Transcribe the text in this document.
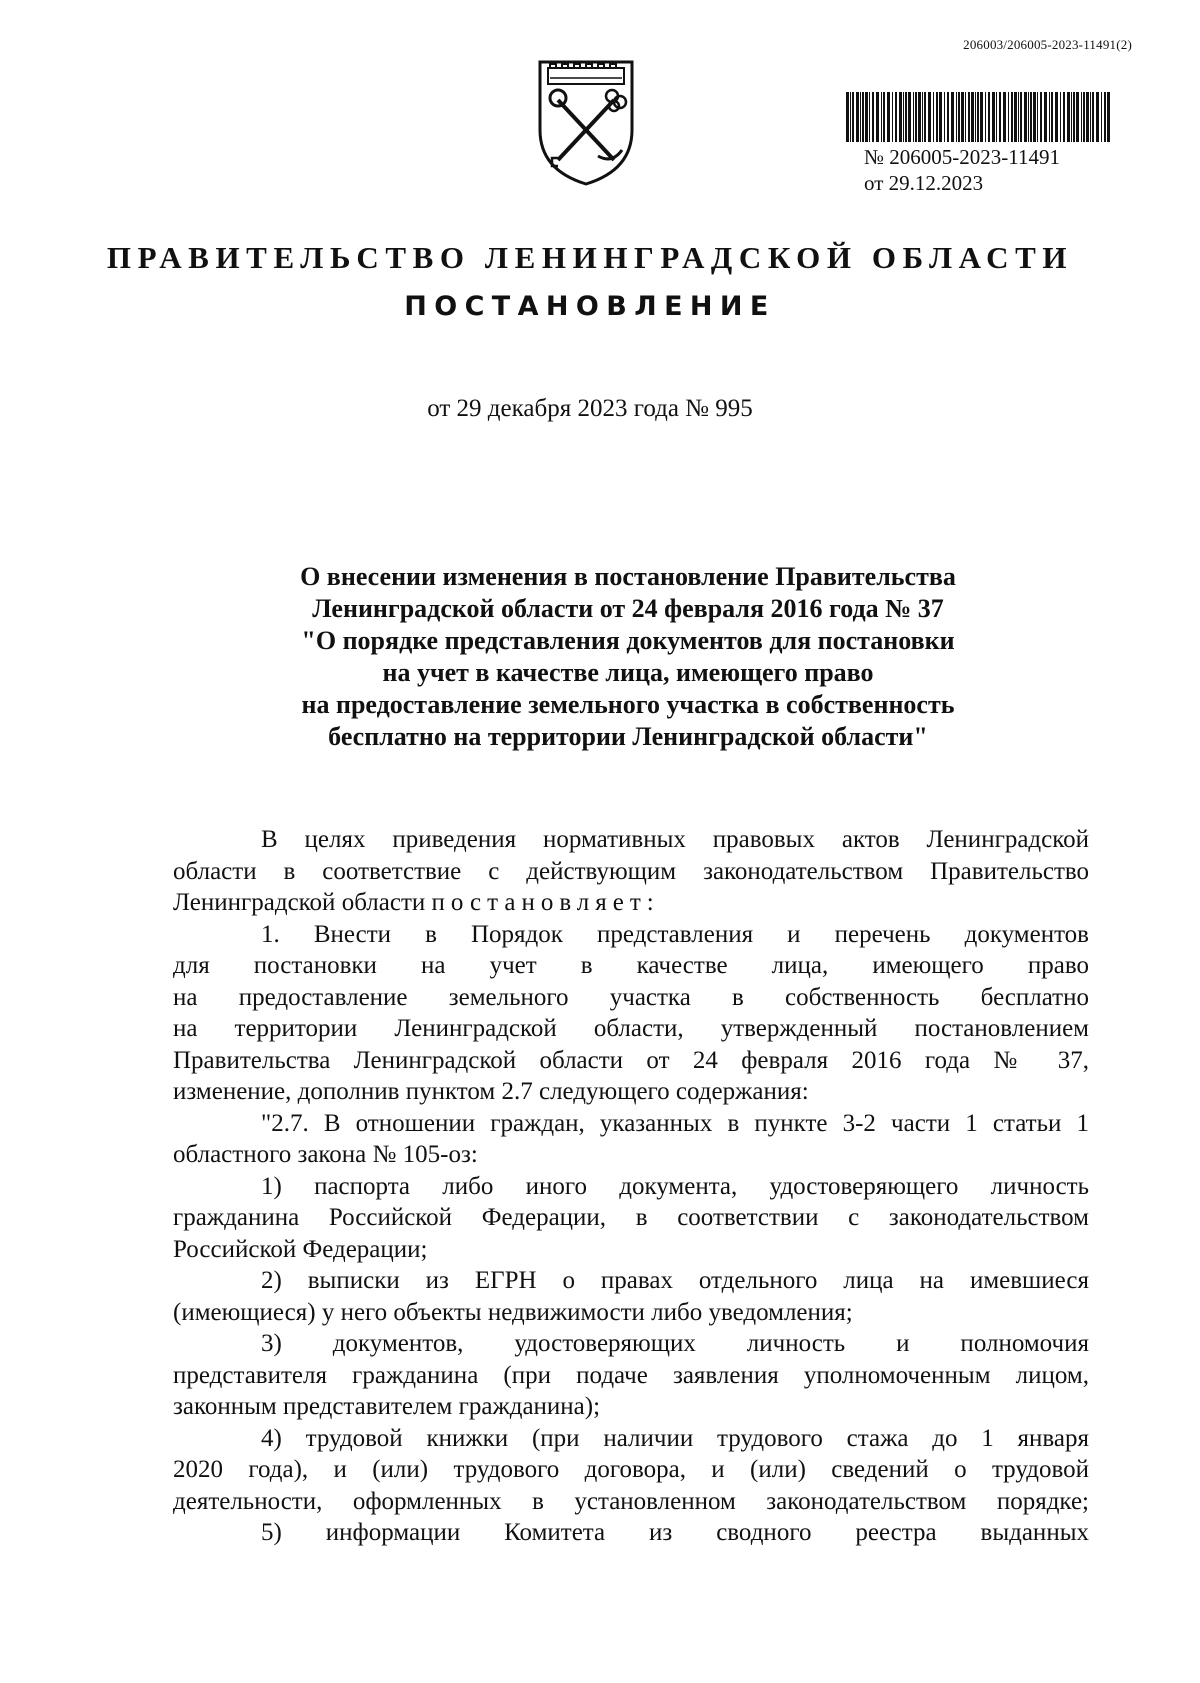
206003/206005-2023-11491(2)
№ 206005-2023-11491
от 29.12.2023
ПРАВИТЕЛЬСТВО ЛЕНИНГРАДСКОЙ ОБЛАСТИ
ПОСТАНОВЛЕНИЕ
от 29 декабря 2023 года № 995
О внесении изменения в постановление Правительства
Ленинградской области от 24 февраля 2016 года № 37
"О порядке представления документов для постановки
на учет в качестве лица, имеющего право
на предоставление земельного участка в собственность
бесплатно на территории Ленинградской области"
В целях приведения нормативных правовых актов Ленинградской
области в соответствие с действующим законодательством Правительство
Ленинградской области постановляет:
1. Внести в Порядок представления и перечень документов
для постановки на учет в качестве лица, имеющего право
на предоставление земельного участка в собственность бесплатно
на территории Ленинградской области, утвержденный постановлением
Правительства Ленинградской области от 24 февраля 2016 года № 37,
изменение, дополнив пунктом 2.7 следующего содержания:
"2.7. В отношении граждан, указанных в пункте 3-2 части 1 статьи 1
областного закона № 105-оз:
1) паспорта либо иного документа, удостоверяющего личность
гражданина Российской Федерации, в соответствии с законодательством
Российской Федерации;
2) выписки из ЕГРН о правах отдельного лица на имевшиеся
(имеющиеся) у него объекты недвижимости либо уведомления;
3) документов, удостоверяющих личность и полномочия
представителя гражданина (при подаче заявления уполномоченным лицом,
законным представителем гражданина);
4) трудовой книжки (при наличии трудового стажа до 1 января
2020 года), и (или) трудового договора, и (или) сведений о трудовой
деятельности, оформленных в установленном законодательством порядке;
5) информации Комитета из сводного реестра выданных
